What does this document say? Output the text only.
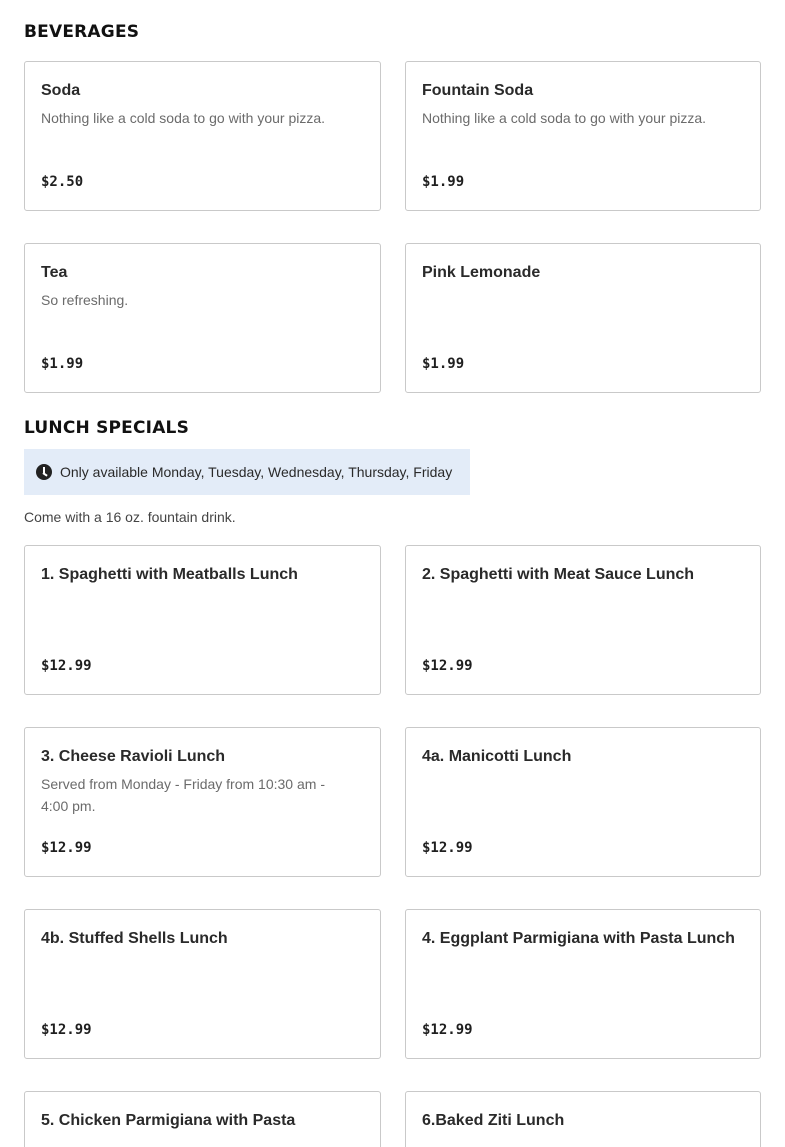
BEVERAGES
Soda
Nothing like a cold soda to go with your pizza.
$2.50
Fountain Soda
Nothing like a cold soda to go with your pizza.
$1.99
Tea
So refreshing.
$1.99
Pink Lemonade
$1.99
LUNCH SPECIALS
Only available Monday, Tuesday, Wednesday, Thursday, Friday
Come with a 16 oz. fountain drink.
1. Spaghetti with Meatballs Lunch
$12.99
2. Spaghetti with Meat Sauce Lunch
$12.99
3. Cheese Ravioli Lunch
Served from Monday - Friday from 10:30 am - 4:00 pm.
$12.99
4a. Manicotti Lunch
$12.99
4b. Stuffed Shells Lunch
$12.99
4. Eggplant Parmigiana with Pasta Lunch
$12.99
5. Chicken Parmigiana with Pasta	6.Baked Ziti Lunch
